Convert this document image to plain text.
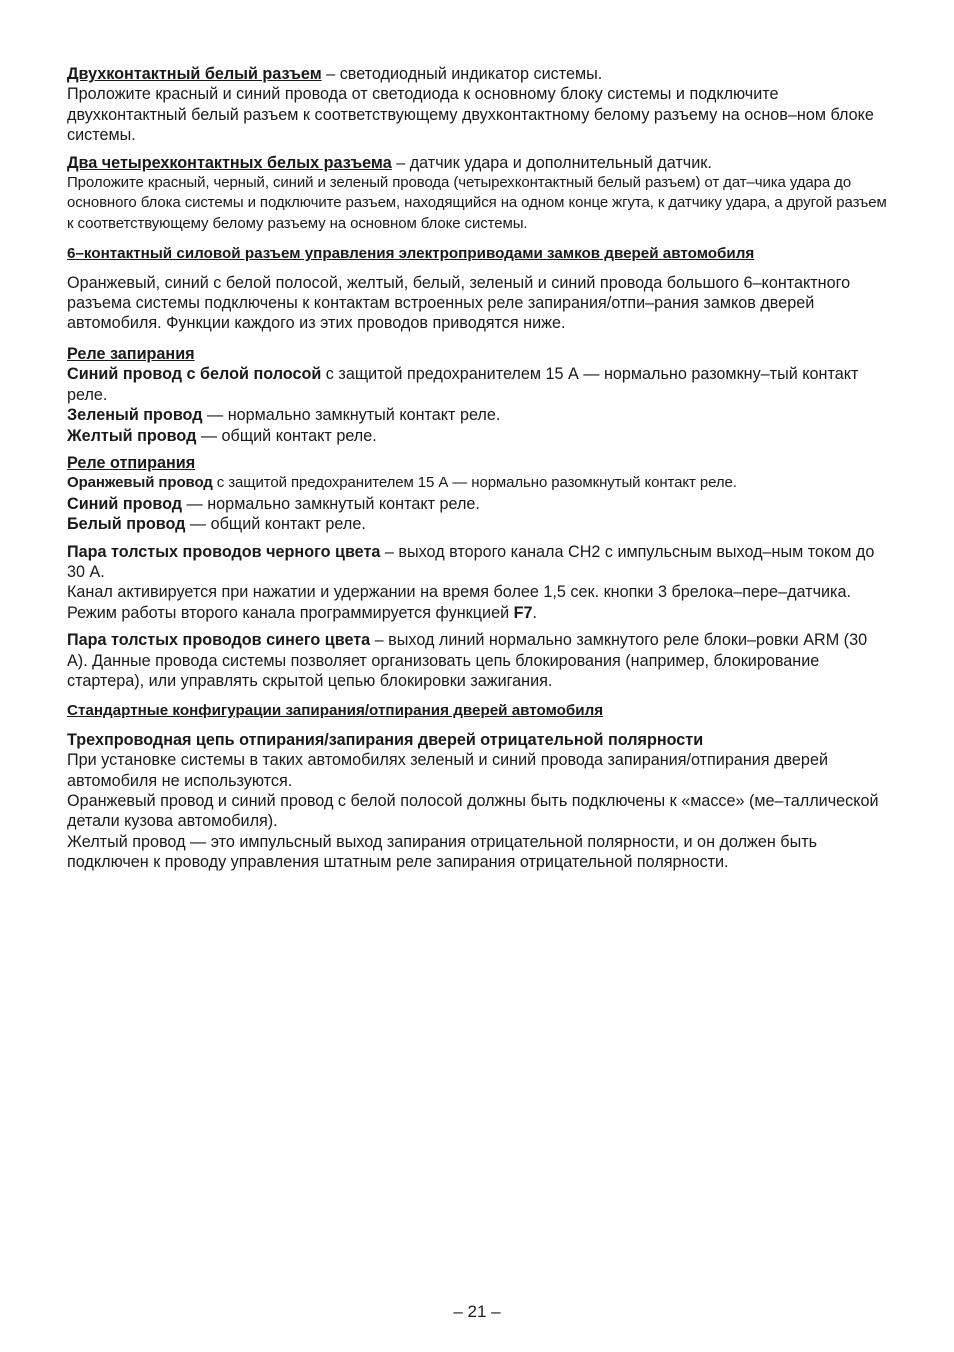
Двухконтактный белый разъем – светодиодный индикатор системы.

Проложите красный и синий провода от светодиода к основному блоку системы и подключите двухконтактный белый разъем к соответствующему двухконтактному белому разъему на основ–ном блоке системы.

Два четырехконтактных белых разъема – датчик удара и дополнительный датчик.

Проложите красный, черный, синий и зеленый провода (четырехконтактный белый разъем) от дат–чика удара до основного блока системы и подключите разъем, находящийся на одном конце жгута, к датчику удара, а другой разъем к соответствующему белому разъему на основном блоке системы.

6–контактный силовой разъем управления электроприводами замков дверей автомобиля

Оранжевый, синий с белой полосой, желтый, белый, зеленый и синий провода большого 6–контактного разъема системы подключены к контактам встроенных реле запирания/отпи–рания замков дверей автомобиля. Функции каждого из этих проводов приводятся ниже.

Реле запирания

Синий провод с белой полосой с защитой предохранителем 15 А — нормально разомкну–тый контакт реле.

Зеленый провод — нормально замкнутый контакт реле.

Желтый провод — общий контакт реле.

Реле отпирания

Оранжевый провод с защитой предохранителем 15 А — нормально разомкнутый контакт реле.

Синий провод — нормально замкнутый контакт реле.

Белый провод — общий контакт реле.

Пара толстых проводов черного цвета – выход второго канала CH2 с импульсным выход–ным током до 30 А.

Канал активируется при нажатии и удержании на время более 1,5 сек. кнопки 3 брелока–пере–датчика.

Режим работы второго канала программируется функцией F7.

Пара толстых проводов синего цвета – выход линий нормально замкнутого реле блоки–ровки ARM (30 А). Данные провода системы позволяет организовать цепь блокирования (например, блокирование стартера), или управлять скрытой цепью блокировки зажигания.

Стандартные конфигурации запирания/отпирания дверей автомобиля

Трехпроводная цепь отпирания/запирания дверей отрицательной полярности

При установке системы в таких автомобилях зеленый и синий провода запирания/отпирания дверей автомобиля не используются.

Оранжевый провод и синий провод с белой полосой должны быть подключены к «массе» (ме–таллической детали кузова автомобиля).

Желтый провод — это импульсный выход запирания отрицательной полярности, и он должен быть подключен к проводу управления штатным реле запирания отрицательной полярности.

– 21 –
